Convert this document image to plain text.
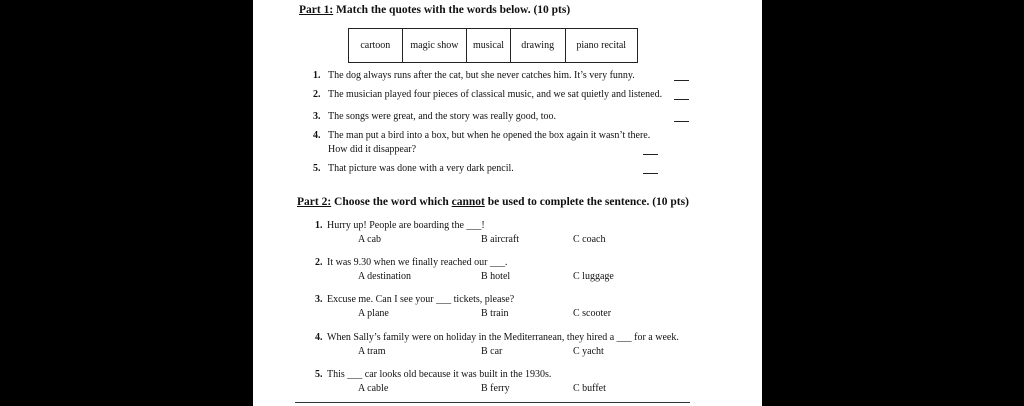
Part 1: Match the quotes with the words below. (10 pts)
cartoon	magic show	musical	drawing	piano recital
1. The dog always runs after the cat, but she never catches him. It’s very funny.
2. The musician played four pieces of classical music, and we sat quietly and listened.
3. The songs were great, and the story was really good, too.
4. The man put a bird into a box, but when he opened the box again it wasn’t there.
How did it disappear?
5. That picture was done with a very dark pencil.
Part 2: Choose the word which cannot be used to complete the sentence. (10 pts)
1. Hurry up! People are boarding the ___!
A cab	B aircraft	C coach
2. It was 9.30 when we finally reached our ___.
A destination	B hotel	C luggage
3. Excuse me. Can I see your ___ tickets, please?
A plane	B train	C scooter
4. When Sally’s family were on holiday in the Mediterranean, they hired a ___ for a week.
A tram	B car	C yacht
5. This ___ car looks old because it was built in the 1930s.
A cable	B ferry	C buffet
